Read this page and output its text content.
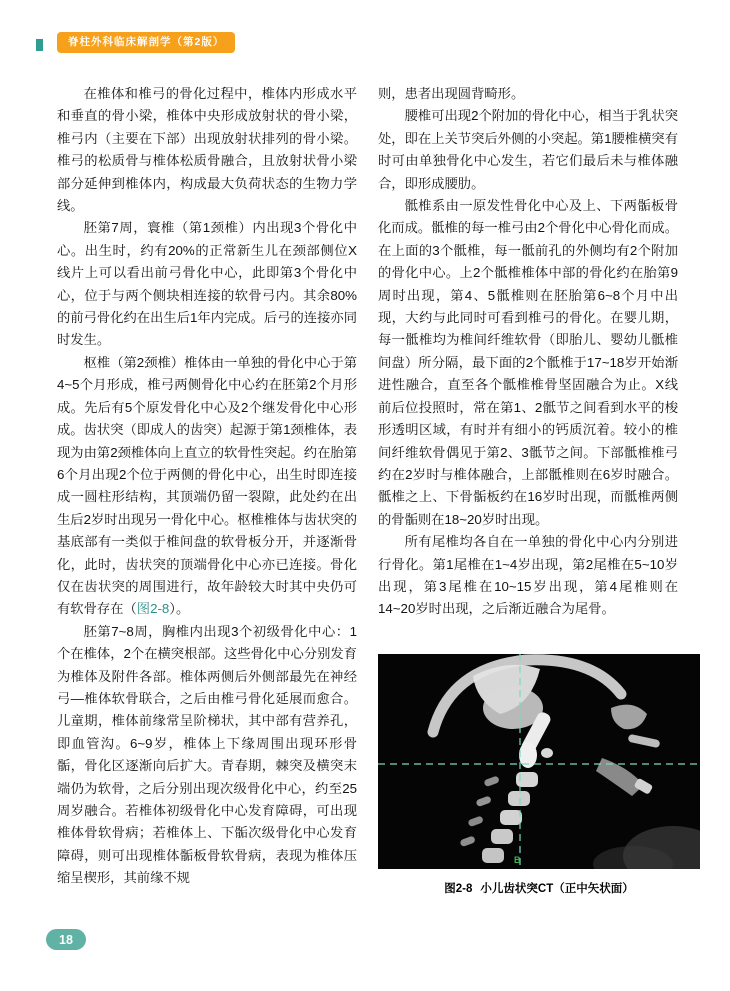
脊柱外科临床解剖学（第2版）

在椎体和椎弓的骨化过程中，椎体内形成水平和垂直的骨小梁，椎体中央形成放射状的骨小梁，椎弓内（主要在下部）出现放射状排列的骨小梁。椎弓的松质骨与椎体松质骨融合，且放射状骨小梁部分延伸到椎体内，构成最大负荷状态的生物力学线。

胚第7周，寰椎（第1颈椎）内出现3个骨化中心。出生时，约有20%的正常新生儿在颈部侧位X线片上可以看出前弓骨化中心，此即第3个骨化中心，位于与两个侧块相连接的软骨弓内。其余80%的前弓骨化约在出生后1年内完成。后弓的连接亦同时发生。

枢椎（第2颈椎）椎体由一单独的骨化中心于第4~5个月形成，椎弓两侧骨化中心约在胚第2个月形成。先后有5个原发骨化中心及2个继发骨化中心形成。齿状突（即成人的齿突）起源于第1颈椎体，表现为由第2颈椎体向上直立的软骨性突起。约在胎第6个月出现2个位于两侧的骨化中心，出生时即连接成一圆柱形结构，其顶端仍留一裂隙，此处约在出生后2岁时出现另一骨化中心。枢椎椎体与齿状突的基底部有一类似于椎间盘的软骨板分开，并逐渐骨化，此时，齿状突的顶端骨化中心亦已连接。骨化仅在齿状突的周围进行，故年龄较大时其中央仍可有软骨存在（图2-8）。

胚第7~8周，胸椎内出现3个初级骨化中心：1个在椎体，2个在横突根部。这些骨化中心分别发育为椎体及附件各部。椎体两侧后外侧部最先在神经弓—椎体软骨联合，之后由椎弓骨化延展而愈合。儿童期，椎体前缘常呈阶梯状，其中部有营养孔，即血管沟。6~9岁，椎体上下缘周围出现环形骨骺，骨化区逐渐向后扩大。青春期，棘突及横突末端仍为软骨，之后分别出现次级骨化中心，约至25周岁融合。若椎体初级骨化中心发育障碍，可出现椎体骨软骨病；若椎体上、下骺次级骨化中心发育障碍，则可出现椎体骺板骨软骨病，表现为椎体压缩呈楔形，其前缘不规

则，患者出现圆背畸形。

腰椎可出现2个附加的骨化中心，相当于乳状突处，即在上关节突后外侧的小突起。第1腰椎横突有时可由单独骨化中心发生，若它们最后未与椎体融合，即形成腰肋。

骶椎系由一原发性骨化中心及上、下两骺板骨化而成。骶椎的每一椎弓由2个骨化中心骨化而成。在上面的3个骶椎，每一骶前孔的外侧均有2个附加的骨化中心。上2个骶椎椎体中部的骨化约在胎第9周时出现，第4、5骶椎则在胚胎第6~8个月中出现，大约与此同时可看到椎弓的骨化。在婴儿期，每一骶椎均为椎间纤维软骨（即胎儿、婴幼儿骶椎间盘）所分隔，最下面的2个骶椎于17~18岁开始渐进性融合，直至各个骶椎椎骨坚固融合为止。X线前后位投照时，常在第1、2骶节之间看到水平的梭形透明区域，有时并有细小的钙质沉着。较小的椎间纤维软骨偶见于第2、3骶节之间。下部骶椎椎弓约在2岁时与椎体融合，上部骶椎则在6岁时融合。骶椎之上、下骨骺板约在16岁时出现，而骶椎两侧的骨骺则在18~20岁时出现。

所有尾椎均各自在一单独的骨化中心内分别进行骨化。第1尾椎在1~4岁出现，第2尾椎在5~10岁出现，第3尾椎在10~15岁出现，第4尾椎则在14~20岁时出现，之后渐近融合为尾骨。

B
图2-8 小儿齿状突CT（正中矢状面）
18
